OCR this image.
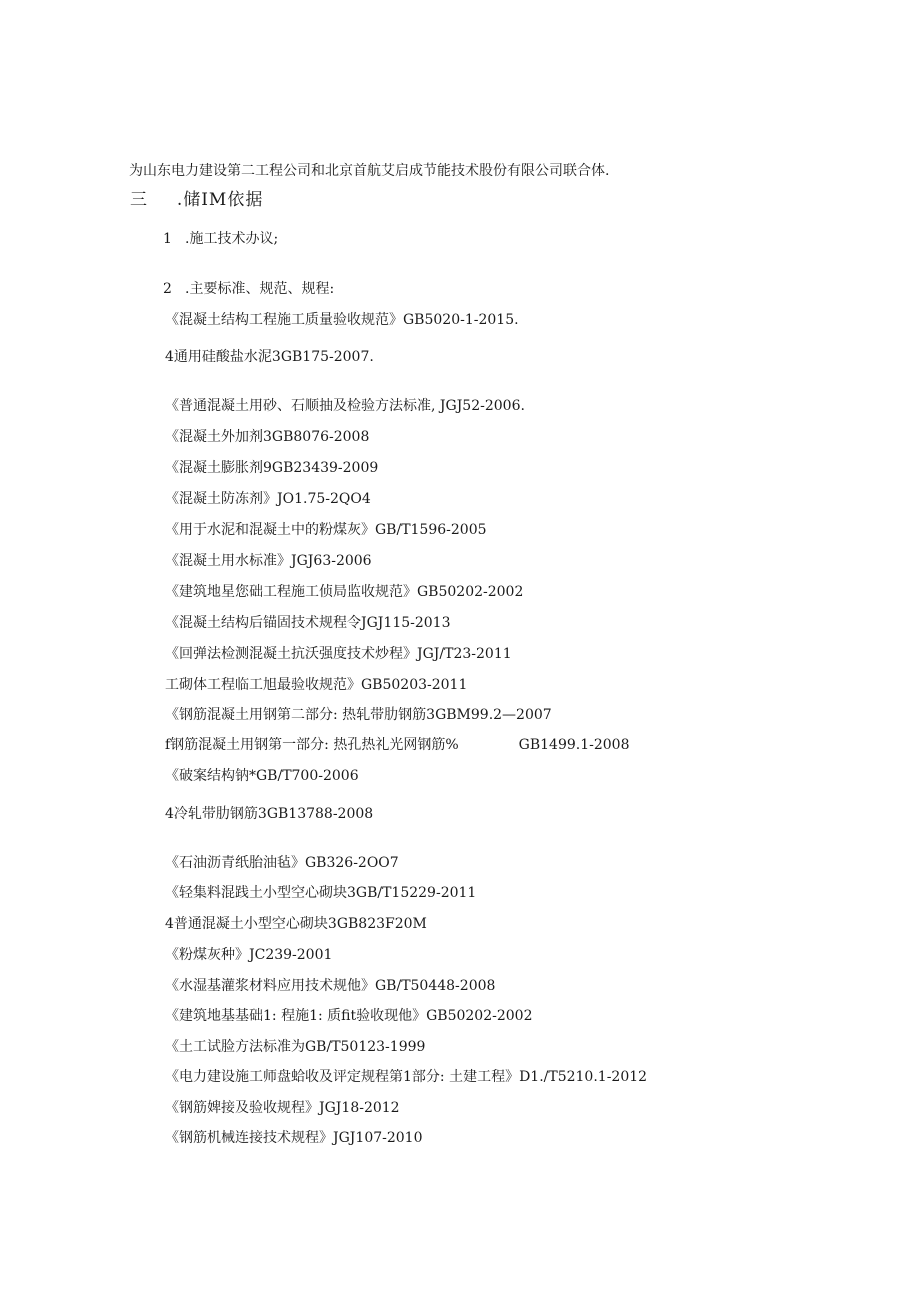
为山东电力建设第二工程公司和北京首航艾启成节能技术股份有限公司联合体.
三 .储ⅠM依据
1 .施工技术办议;
2 .主要标准、规范、规程:
《混凝土结构工程施工质量验收规范》GB5020-1-2015.
4通用硅酸盐水泥3GB175-2007.
《普通混凝土用砂、石顺抽及检验方法标准, JGJ52-2006.
《混凝土外加剂3GB8076-2008
《混凝土膨胀剂9GB23439-2009
《混凝土防冻剂》JO1.75-2QO4
《用于水泥和混凝土中的粉煤灰》GB/T1596-2005
《混凝土用水标准》JGJ63-2006
《建筑地星您础工程施工侦局监收规范》GB50202-2002
《混凝土结构后锚固技术规程令JGJ115-2013
《回弹法检测混凝土抗沃强度技术炒程》JGJ/T23-2011
工砌体工程临工旭最验收规范》GB50203-2011
《钢筋混凝土用钢第二部分: 热轧带肋钢筋3GBM99.2—2007
f钢筋混凝土用钢第一部分: 热孔热礼光网钢筋%	GB1499.1-2008
《破案结构钠*GB/T700-2006
4冷轧带肋钢筋3GB13788-2008
《石油沥青纸胎油毡》GB326-2OO7
《轻集料混践土小型空心砌块3GB/T15229-2011
4普通混凝土小型空心砌块3GB823F20M
《粉煤灰种》JC239-2001
《水湿基灌浆材料应用技术规他》GB/T50448-2008
《建筑地基基础1: 程施1: 质fit验收现他》GB50202-2002
《土工试脸方法标准为GB/T50123-1999
《电力建设施工师盘蛤收及评定规程第1部分: 土建工程》D1./T5210.1-2012
《钢筋婢接及验收规程》JGJ18-2012
《钢筋机械连接技术规程》JGJ107-2010
